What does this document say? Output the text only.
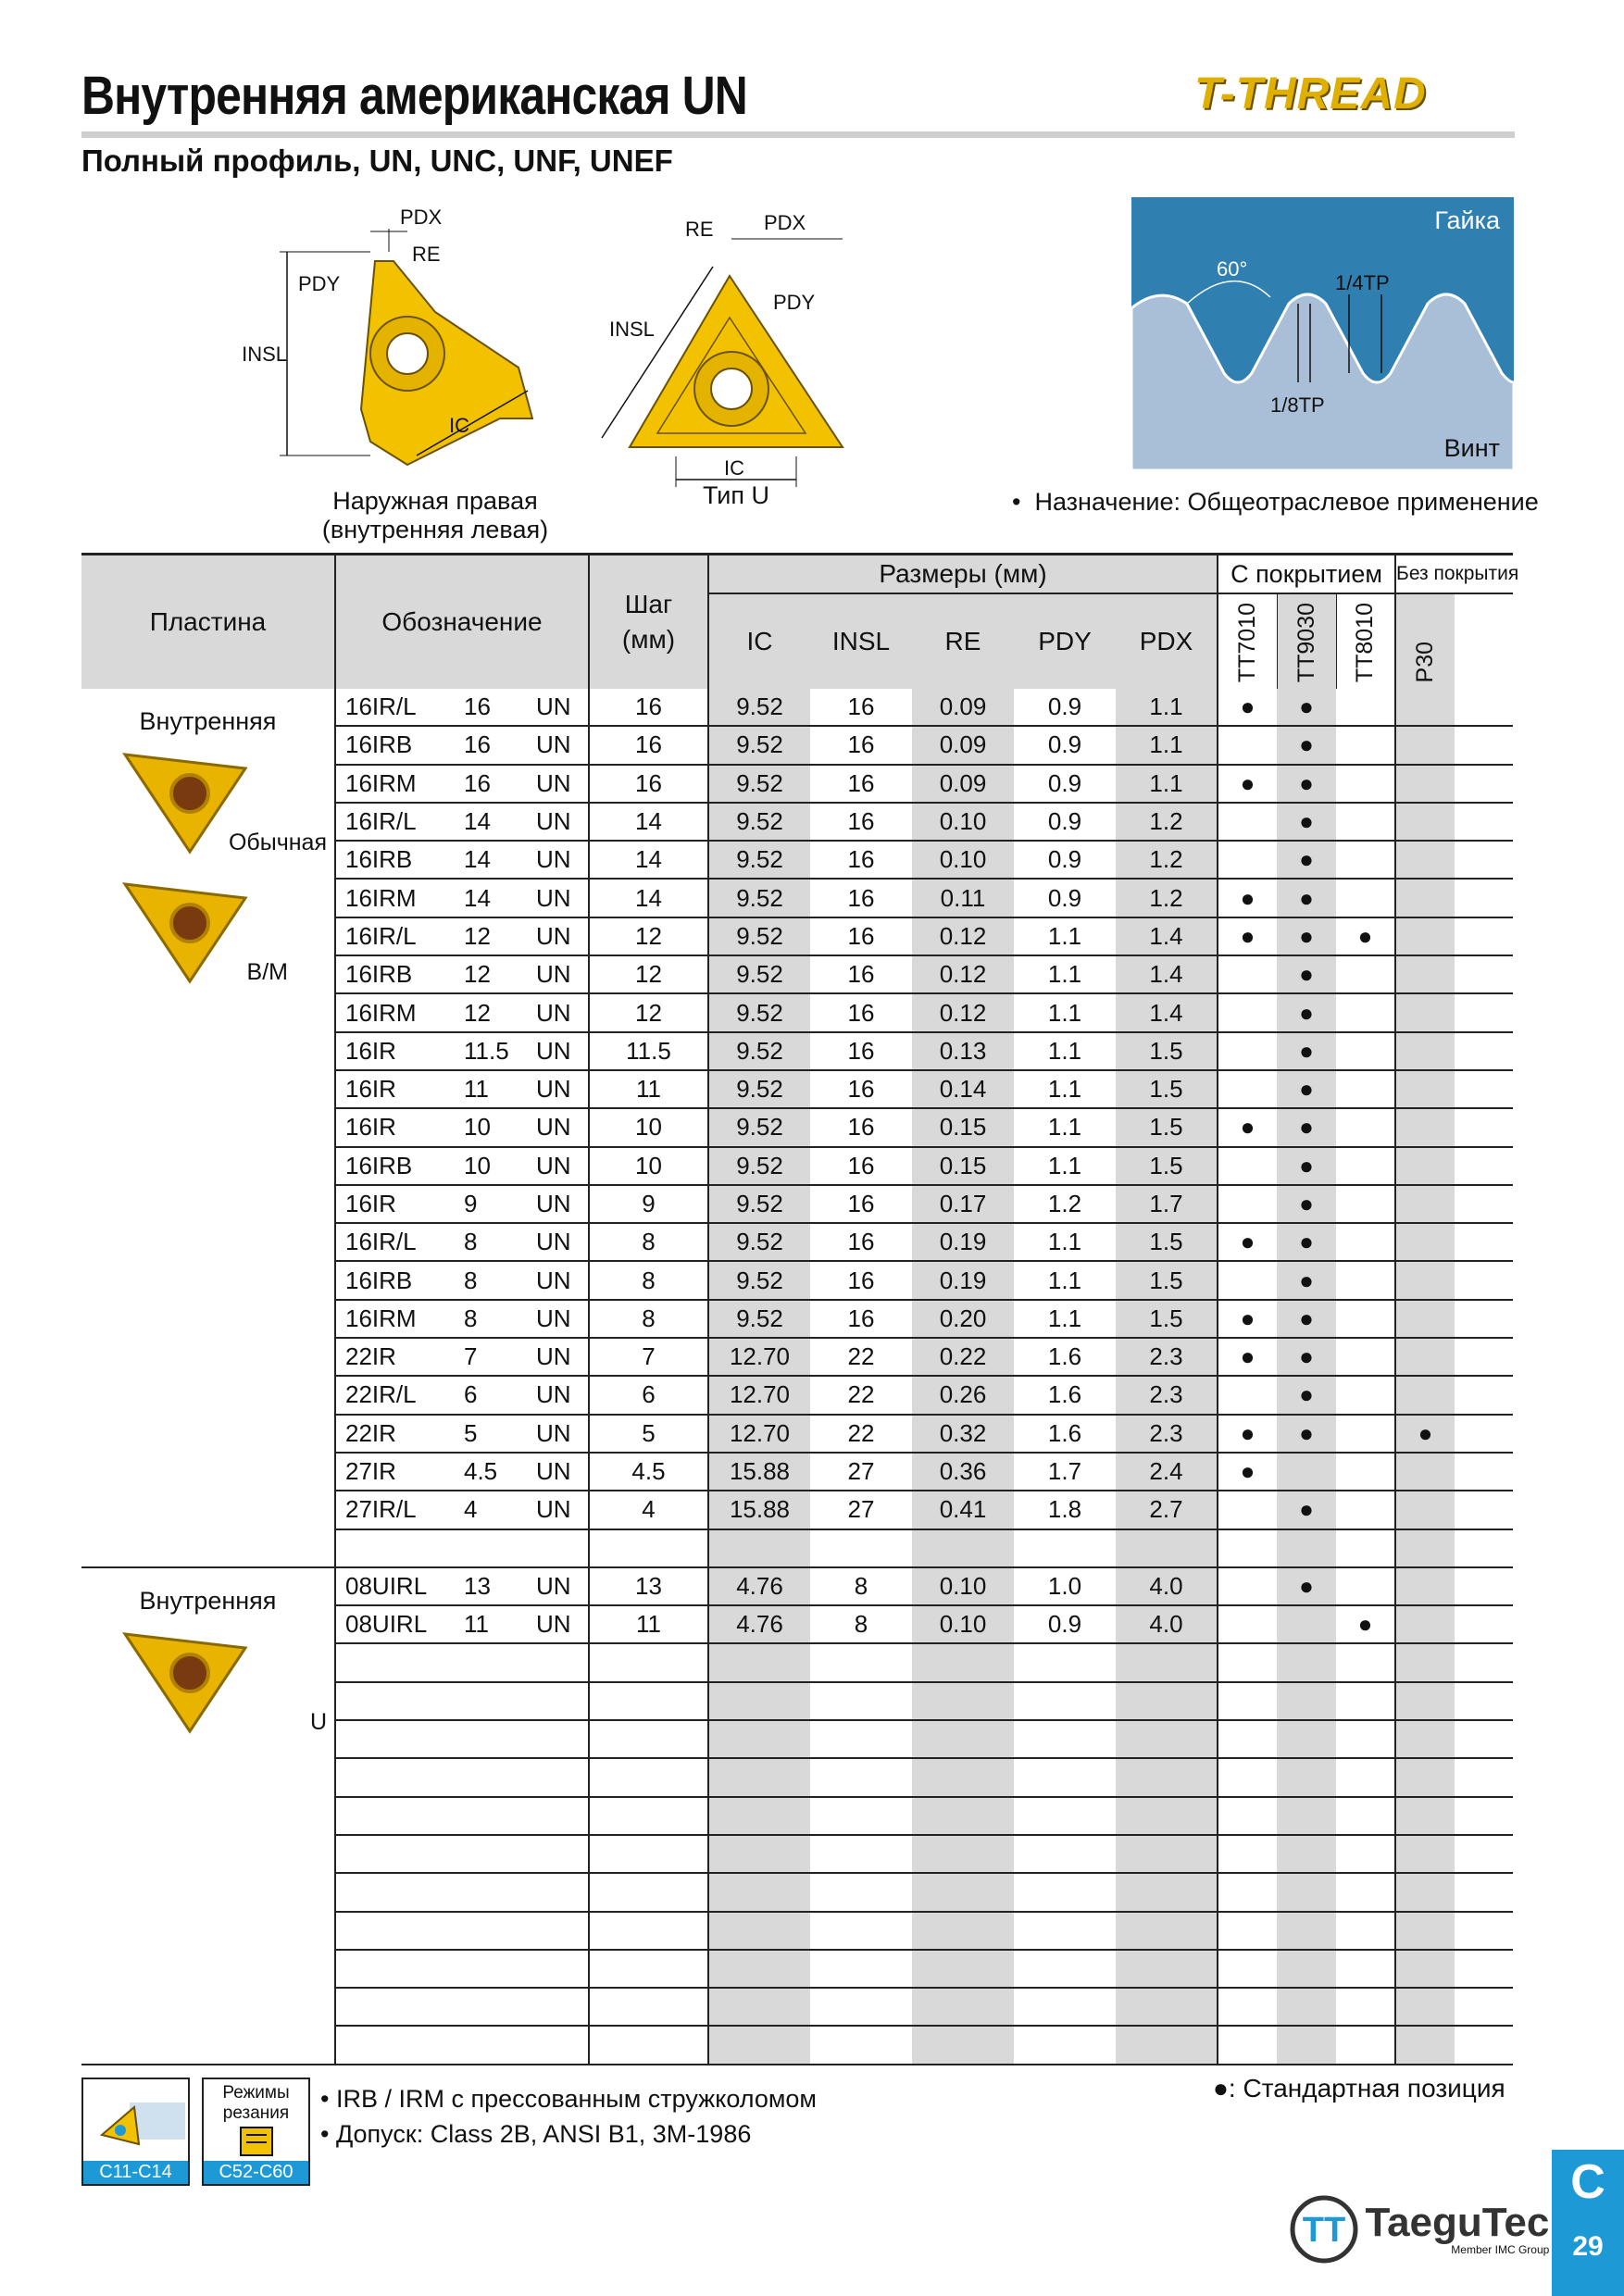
Внутренняя американская UN	T-THREAD
Полный профиль, UN, UNC, UNF, UNEF
INSL
PDY
PDX
RE
IC
Наружная правая
(внутренняя левая)
INSL
RE PDX
PDY
IC
Тип U
Гайка
Винт
60°
1/4TP
1/8TP
•  Назначение: Общеотраслевое применение
Пластина	Обозначение	Шаг
(мм)	Размеры (мм)					С покрытием			Без покрытия	
			IC	INSL	RE	PDY	PDX	TT7010	TT9030	TT8010	P30	

Внутренняя
Обычная
B/M	16IR/L 16 UN	16	9.52	16	0.09	0.9	1.1	●	●			
	16IRB 16 UN	16	9.52	16	0.09	0.9	1.1		●			
	16IRM 16 UN	16	9.52	16	0.09	0.9	1.1	●	●			
	16IR/L 14 UN	14	9.52	16	0.10	0.9	1.2		●			
	16IRB 14 UN	14	9.52	16	0.10	0.9	1.2		●			
	16IRM 14 UN	14	9.52	16	0.11	0.9	1.2	●	●			
	16IR/L 12 UN	12	9.52	16	0.12	1.1	1.4	●	●	●		
	16IRB 12 UN	12	9.52	16	0.12	1.1	1.4		●			
	16IRM 12 UN	12	9.52	16	0.12	1.1	1.4		●			
	16IR 11.5 UN	11.5	9.52	16	0.13	1.1	1.5		●			
	16IR 11 UN	11	9.52	16	0.14	1.1	1.5		●			
	16IR 10 UN	10	9.52	16	0.15	1.1	1.5	●	●			
	16IRB 10 UN	10	9.52	16	0.15	1.1	1.5		●			
	16IR 9 UN	9	9.52	16	0.17	1.2	1.7		●			
	16IR/L 8 UN	8	9.52	16	0.19	1.1	1.5	●	●			
	16IRB 8 UN	8	9.52	16	0.19	1.1	1.5		●			
	16IRM 8 UN	8	9.52	16	0.20	1.1	1.5	●	●			
	22IR 7 UN	7	12.70	22	0.22	1.6	2.3	●	●			
	22IR/L 6 UN	6	12.70	22	0.26	1.6	2.3		●			
	22IR 5 UN	5	12.70	22	0.32	1.6	2.3	●	●		●	
	27IR 4.5 UN	4.5	15.88	27	0.36	1.7	2.4	●				
	27IR/L 4 UN	4	15.88	27	0.41	1.8	2.7		●			

Внутренняя
U	08UIRL 13 UN	13	4.76	8	0.10	1.0	4.0		●			
	08UIRL 11 UN	11	4.76	8	0.10	0.9	4.0			●		

C11-C14
Режимы
резания
C52-C60
• IRB / IRM с прессованным стружколомом
• Допуск: Class 2B, ANSI B1, 3M-1986
●: Стандартная позиция
TT
TaeguTec
Member IMC Group
C
29
